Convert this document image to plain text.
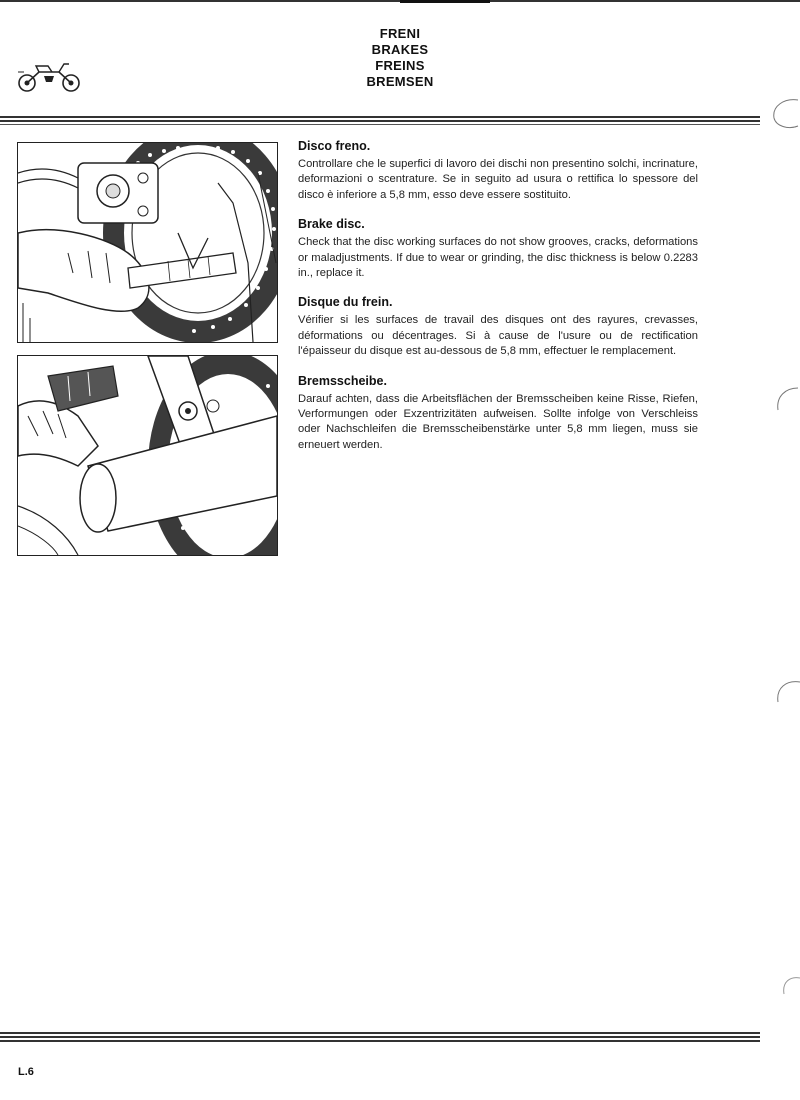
FRENI
BRAKES
FREINS
BREMSEN
Disco freno.

Controllare che le superfici di lavoro dei dischi non presentino solchi, incrinature, deformazioni o scentrature. Se in seguito ad usura o rettifica lo spessore del disco è inferiore a 5,8 mm, esso deve essere sostituito.

Brake disc.

Check that the disc working surfaces do not show grooves, cracks, deformations or maladjustments. If due to wear or grinding, the disc thickness is below 0.2283 in., replace it.

Disque du frein.

Vérifier si les surfaces de travail des disques ont des rayures, crevasses, déformations ou décentrages. Si à cause de l'usure ou de rectification l'épaisseur du disque est au-dessous de 5,8 mm, effectuer le remplacement.

Bremsscheibe.

Darauf achten, dass die Arbeitsflächen der Bremsscheiben keine Risse, Riefen, Verformungen oder Exzentrizitäten aufweisen. Sollte infolge von Verschleiss oder Nachschleifen die Bremsscheibenstärke unter 5,8 mm liegen, muss sie erneuert werden.

L.6
